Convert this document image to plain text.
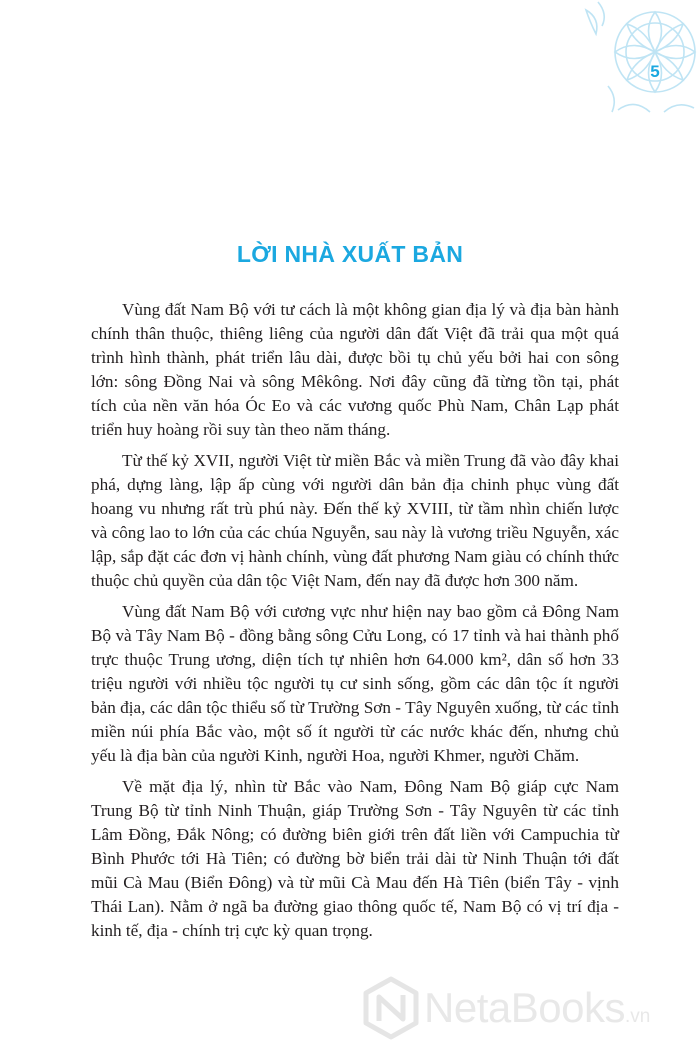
5
LỜI NHÀ XUẤT BẢN

Vùng đất Nam Bộ với tư cách là một không gian địa lý và địa bàn hành chính thân thuộc, thiêng liêng của người dân đất Việt đã trải qua một quá trình hình thành, phát triển lâu dài, được bồi tụ chủ yếu bởi hai con sông lớn: sông Đồng Nai và sông Mêkông. Nơi đây cũng đã từng tồn tại, phát tích của nền văn hóa Óc Eo và các vương quốc Phù Nam, Chân Lạp phát triển huy hoàng rồi suy tàn theo năm tháng.

Từ thế kỷ XVII, người Việt từ miền Bắc và miền Trung đã vào đây khai phá, dựng làng, lập ấp cùng với người dân bản địa chinh phục vùng đất hoang vu nhưng rất trù phú này. Đến thế kỷ XVIII, từ tầm nhìn chiến lược và công lao to lớn của các chúa Nguyễn, sau này là vương triều Nguyễn, xác lập, sắp đặt các đơn vị hành chính, vùng đất phương Nam giàu có chính thức thuộc chủ quyền của dân tộc Việt Nam, đến nay đã được hơn 300 năm.

Vùng đất Nam Bộ với cương vực như hiện nay bao gồm cả Đông Nam Bộ và Tây Nam Bộ - đồng bằng sông Cửu Long, có 17 tỉnh và hai thành phố trực thuộc Trung ương, diện tích tự nhiên hơn 64.000 km², dân số hơn 33 triệu người với nhiều tộc người tụ cư sinh sống, gồm các dân tộc ít người bản địa, các dân tộc thiểu số từ Trường Sơn - Tây Nguyên xuống, từ các tỉnh miền núi phía Bắc vào, một số ít người từ các nước khác đến, nhưng chủ yếu là địa bàn của người Kinh, người Hoa, người Khmer, người Chăm.

Về mặt địa lý, nhìn từ Bắc vào Nam, Đông Nam Bộ giáp cực Nam Trung Bộ từ tỉnh Ninh Thuận, giáp Trường Sơn - Tây Nguyên từ các tỉnh Lâm Đồng, Đắk Nông; có đường biên giới trên đất liền với Campuchia từ Bình Phước tới Hà Tiên; có đường bờ biển trải dài từ Ninh Thuận tới đất mũi Cà Mau (Biển Đông) và từ mũi Cà Mau đến Hà Tiên (biển Tây - vịnh Thái Lan). Nằm ở ngã ba đường giao thông quốc tế, Nam Bộ có vị trí địa - kinh tế, địa - chính trị cực kỳ quan trọng.

NetaBooks.vn
